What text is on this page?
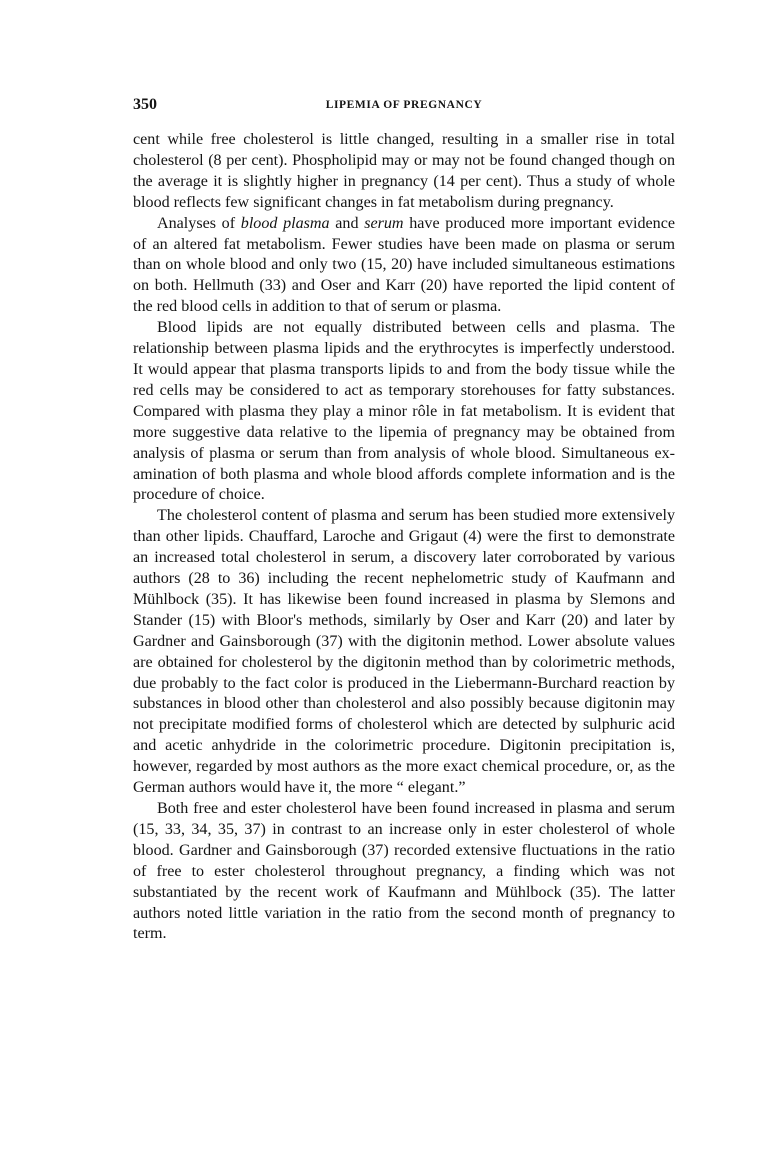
350	LIPEMIA OF PREGNANCY

cent while free cholesterol is little changed, resulting in a smaller rise in total cholesterol (8 per cent). Phospholipid may or may not be found changed though on the average it is slightly higher in pregnancy (14 per cent). Thus a study of whole blood reflects few significant changes in fat metabolism during pregnancy.

Analyses of blood plasma and serum have produced more important evidence of an altered fat metabolism. Fewer studies have been made on plasma or serum than on whole blood and only two (15, 20) have included simultaneous estimations on both. Hellmuth (33) and Oser and Karr (20) have reported the lipid content of the red blood cells in addition to that of serum or plasma.

Blood lipids are not equally distributed between cells and plasma. The relationship between plasma lipids and the erythrocytes is imperfectly understood. It would appear that plasma transports lipids to and from the body tissue while the red cells may be considered to act as temporary storehouses for fatty substances. Compared with plasma they play a minor rôle in fat metabolism. It is evident that more suggestive data relative to the lipemia of pregnancy may be obtained from analysis of plasma or serum than from analysis of whole blood. Simultaneous examination of both plasma and whole blood affords complete information and is the procedure of choice.

The cholesterol content of plasma and serum has been studied more extensively than other lipids. Chauffard, Laroche and Grigaut (4) were the first to demonstrate an increased total cholesterol in serum, a discovery later corroborated by various authors (28 to 36) including the recent nephelometric study of Kaufmann and Mühlbock (35). It has likewise been found increased in plasma by Slemons and Stander (15) with Bloor's methods, similarly by Oser and Karr (20) and later by Gardner and Gainsborough (37) with the digitonin method. Lower absolute values are obtained for cholesterol by the digitonin method than by colorimetric methods, due probably to the fact color is produced in the Liebermann-Burchard reaction by substances in blood other than cholesterol and also possibly because digitonin may not precipitate modified forms of cholesterol which are detected by sulphuric acid and acetic anhydride in the colorimetric procedure. Digitonin precipitation is, however, regarded by most authors as the more exact chemical procedure, or, as the German authors would have it, the more “ elegant.”

Both free and ester cholesterol have been found increased in plasma and serum (15, 33, 34, 35, 37) in contrast to an increase only in ester cholesterol of whole blood. Gardner and Gainsborough (37) recorded extensive fluctuations in the ratio of free to ester cholesterol throughout pregnancy, a finding which was not substantiated by the recent work of Kaufmann and Mühlbock (35). The latter authors noted little variation in the ratio from the second month of pregnancy to term.
